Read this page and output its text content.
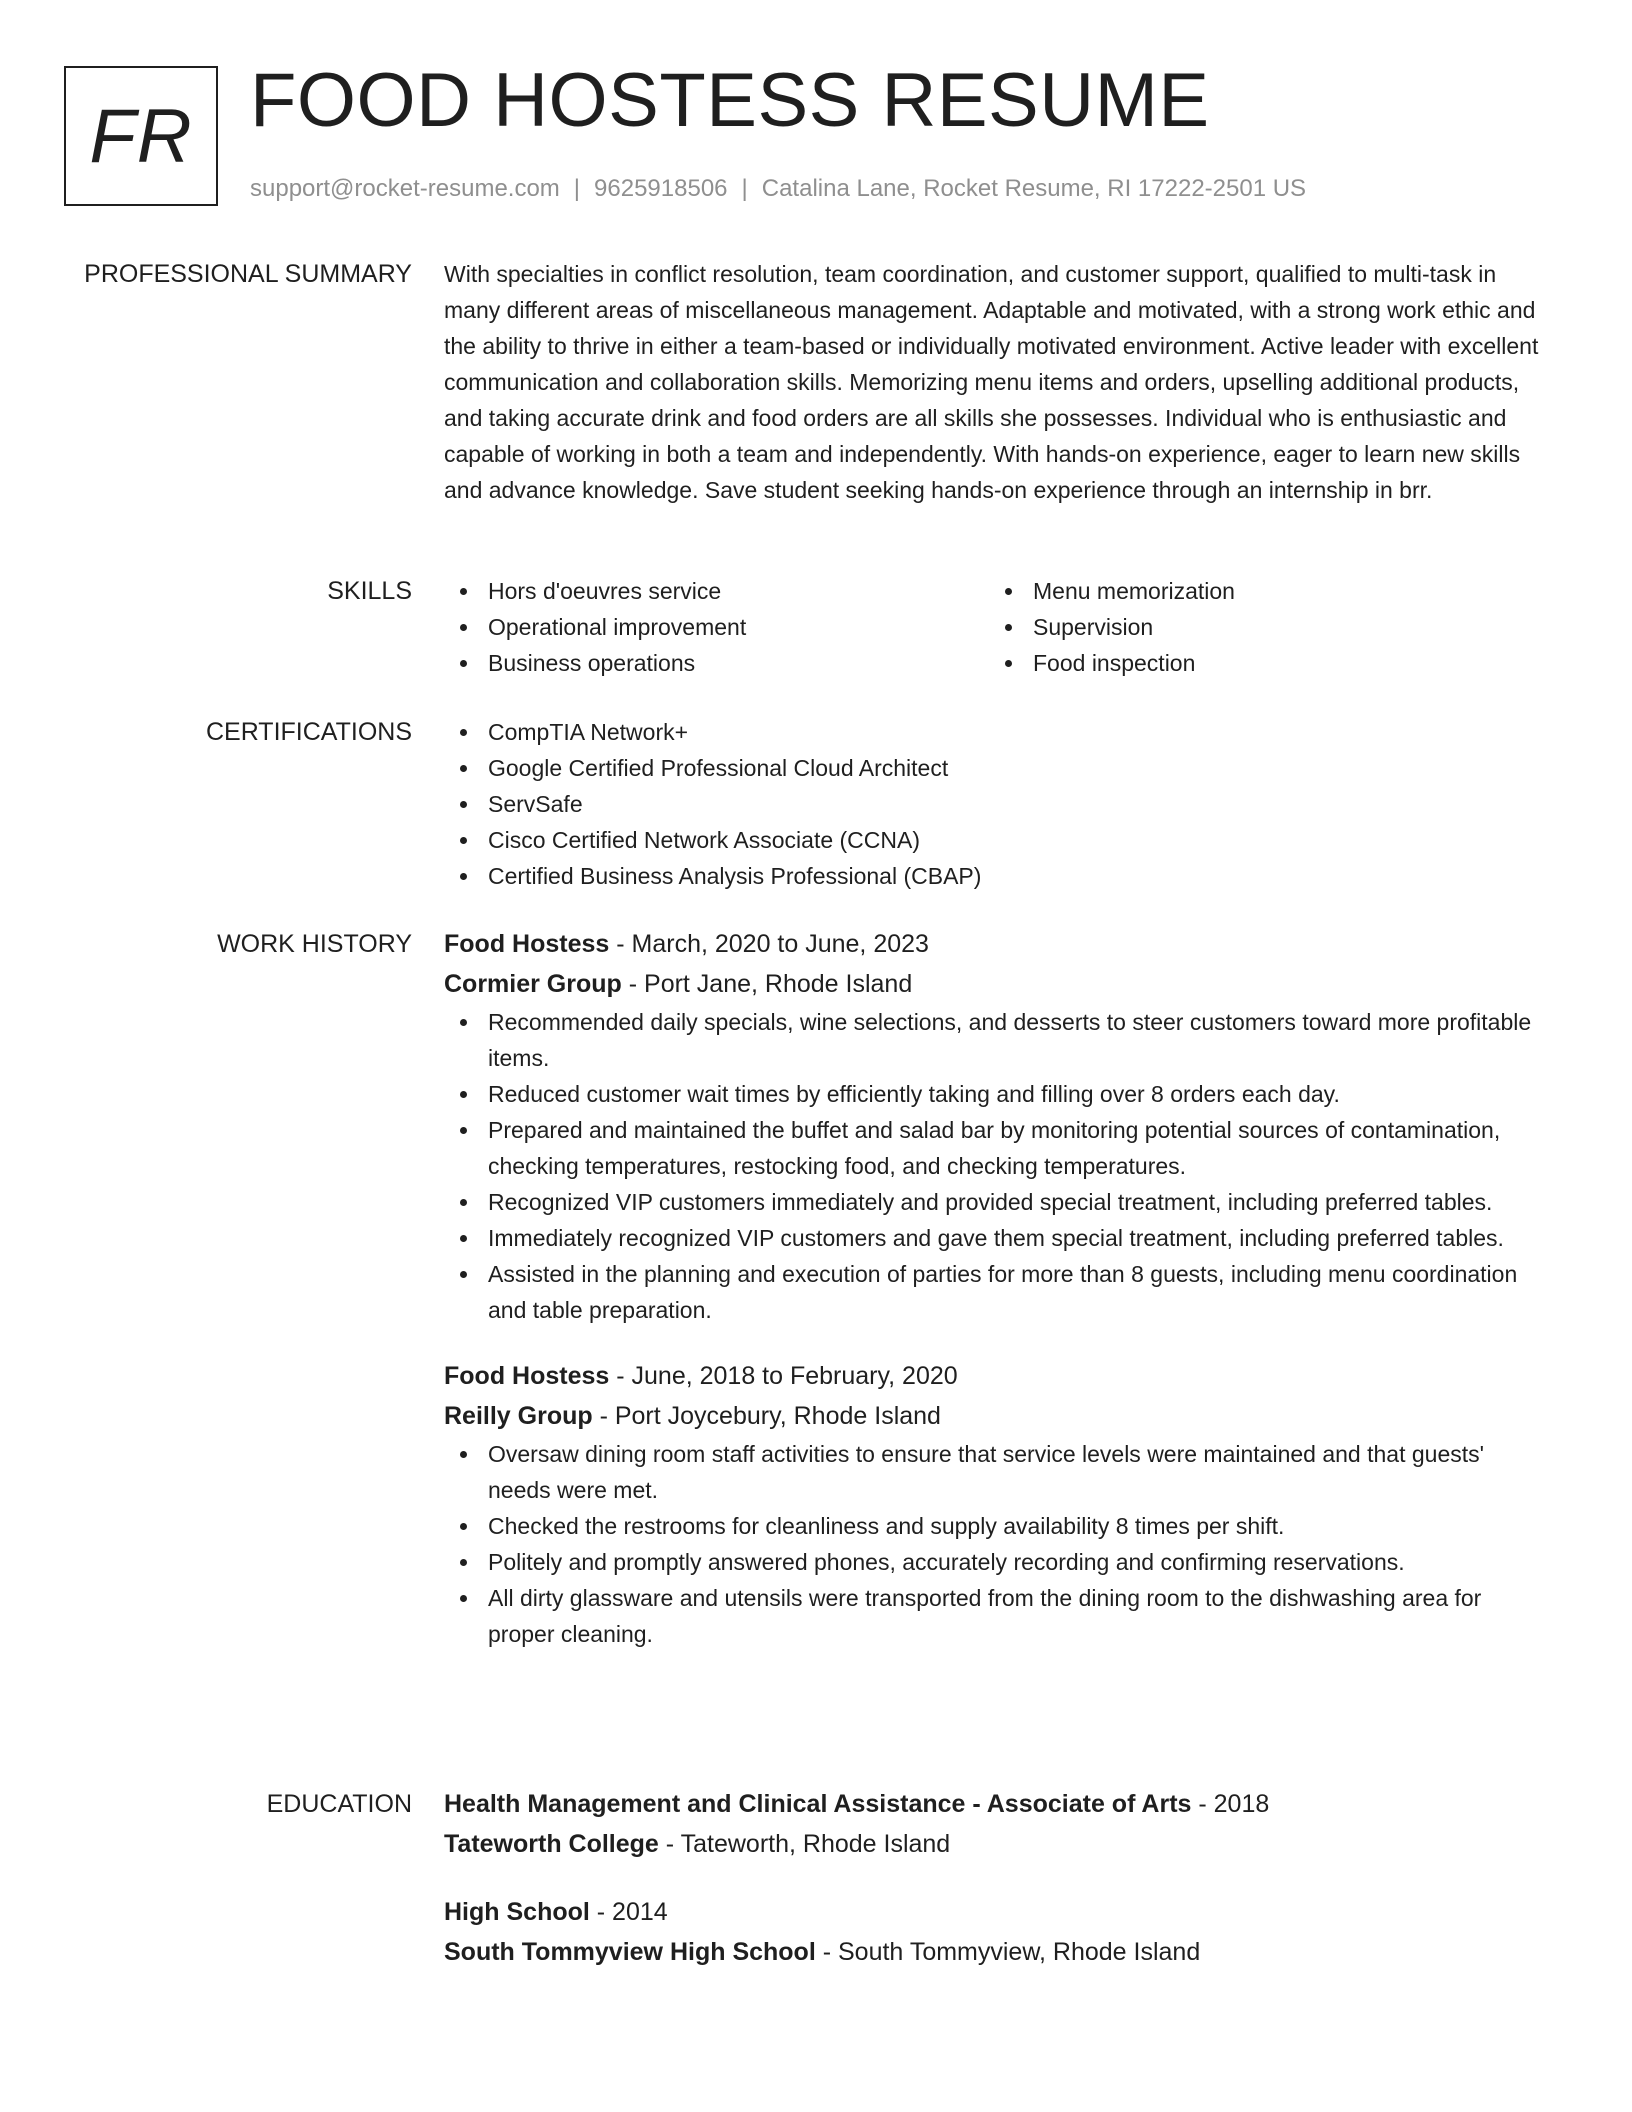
FR FOOD HOSTESS RESUME
support@rocket-resume.com | 9625918506 | Catalina Lane, Rocket Resume, RI 17222-2501 US
PROFESSIONAL SUMMARY With specialties in conflict resolution, team coordination, and customer support, qualified to multi-task in many different areas of miscellaneous management. Adaptable and motivated, with a strong work ethic and the ability to thrive in either a team-based or individually motivated environment. Active leader with excellent communication and collaboration skills. Memorizing menu items and orders, upselling additional products, and taking accurate drink and food orders are all skills she possesses. Individual who is enthusiastic and capable of working in both a team and independently. With hands-on experience, eager to learn new skills and advance knowledge. Save student seeking hands-on experience through an internship in brr.

SKILLS	Hors d'oeuvres service
Operational improvement
Business operations
Menu memorization
Supervision
Food inspection
CERTIFICATIONS	CompTIA Network+
Google Certified Professional Cloud Architect
ServSafe
Cisco Certified Network Associate (CCNA)
Certified Business Analysis Professional (CBAP)
WORK HISTORY Food Hostess - March, 2020 to June, 2023
Cormier Group - Port Jane, Rhode Island
Recommended daily specials, wine selections, and desserts to steer customers toward more profitable items.
Reduced customer wait times by efficiently taking and filling over 8 orders each day.
Prepared and maintained the buffet and salad bar by monitoring potential sources of contamination, checking temperatures, restocking food, and checking temperatures.
Recognized VIP customers immediately and provided special treatment, including preferred tables.
Immediately recognized VIP customers and gave them special treatment, including preferred tables.
Assisted in the planning and execution of parties for more than 8 guests, including menu coordination and table preparation.
Food Hostess - June, 2018 to February, 2020
Reilly Group - Port Joycebury, Rhode Island
Oversaw dining room staff activities to ensure that service levels were maintained and that guests' needs were met.
Checked the restrooms for cleanliness and supply availability 8 times per shift.
Politely and promptly answered phones, accurately recording and confirming reservations.
All dirty glassware and utensils were transported from the dining room to the dishwashing area for proper cleaning.
EDUCATION Health Management and Clinical Assistance - Associate of Arts - 2018
Tateworth College - Tateworth, Rhode Island
High School - 2014
South Tommyview High School - South Tommyview, Rhode Island
